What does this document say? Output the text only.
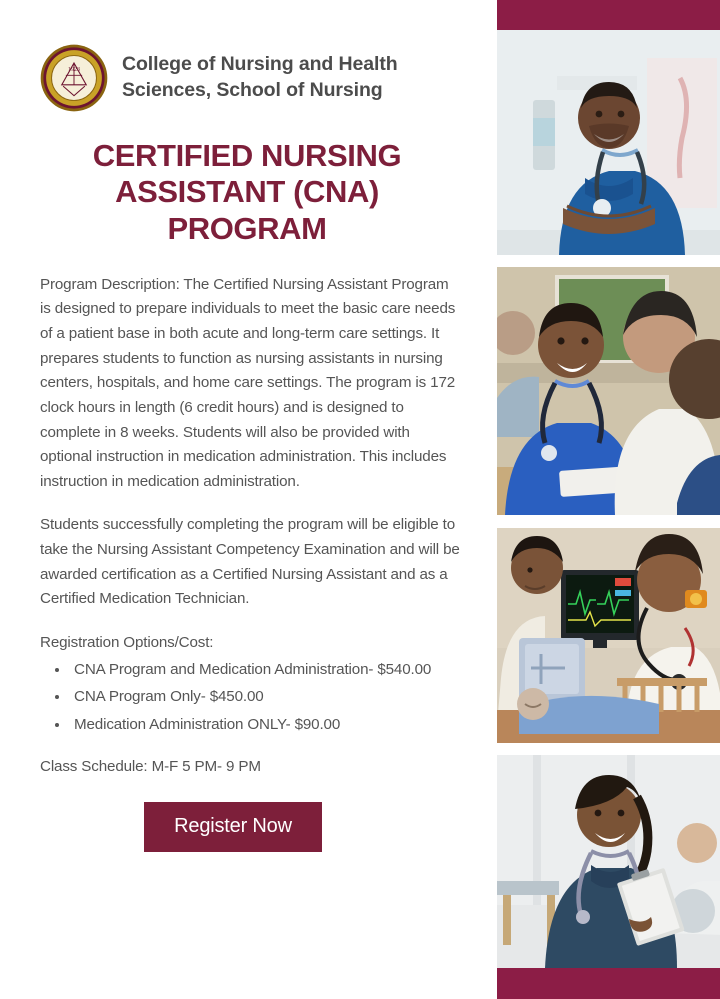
1923 College of Nursing and Health
Sciences, School of Nursing
CERTIFIED NURSING
ASSISTANT (CNA)
PROGRAM

Program Description: The Certified Nursing Assistant Program is designed to prepare individuals to meet the basic care needs of a patient base in both acute and long-term care settings. It prepares students to function as nursing assistants in nursing centers, hospitals, and home care settings. The program is 172 clock hours in length (6 credit hours) and is designed to complete in 8 weeks. Students will also be provided with optional instruction in medication administration. This includes instruction in medication administration.

Students successfully completing the program will be eligible to take the Nursing Assistant Competency Examination and will be awarded certification as a Certified Nursing Assistant and as a Certified Medication Technician.

Registration Options/Cost:

• CNA Program and Medication Administration- $540.00
• CNA Program Only- $450.00
• Medication Administration ONLY- $90.00

Class Schedule: M-F 5 PM- 9 PM

Register Now
